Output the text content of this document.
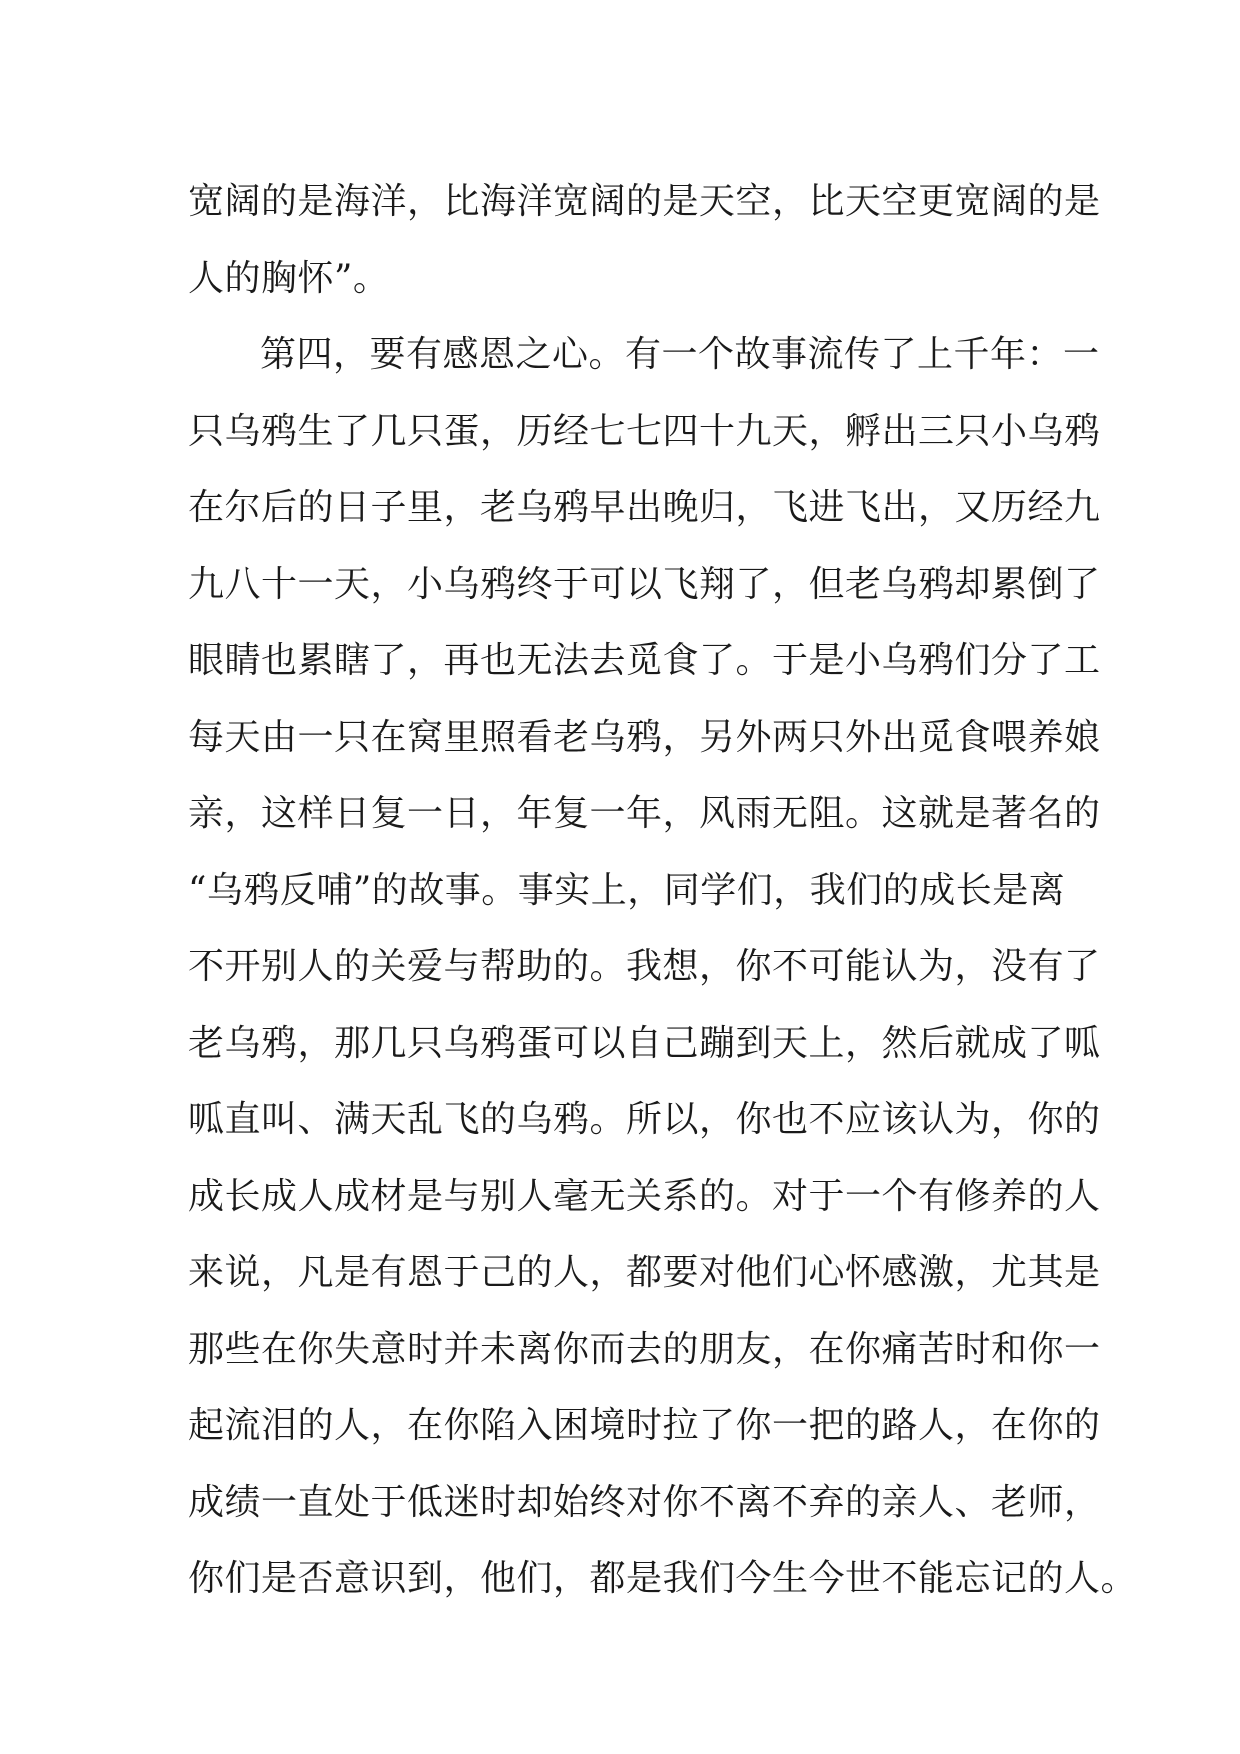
宽阔的是海洋，比海洋宽阔的是天空，比天空更宽阔的是
人的胸怀”。
第四，要有感恩之心。有一个故事流传了上千年：一
只乌鸦生了几只蛋，历经七七四十九天，孵出三只小乌鸦
在尔后的日子里，老乌鸦早出晚归，飞进飞出，又历经九
九八十一天，小乌鸦终于可以飞翔了，但老乌鸦却累倒了
眼睛也累瞎了，再也无法去觅食了。于是小乌鸦们分了工
每天由一只在窝里照看老乌鸦，另外两只外出觅食喂养娘
亲，这样日复一日，年复一年，风雨无阻。这就是著名的
“乌鸦反哺”的故事。事实上，同学们，我们的成长是离
不开别人的关爱与帮助的。我想，你不可能认为，没有了
老乌鸦，那几只乌鸦蛋可以自己蹦到天上，然后就成了呱
呱直叫、满天乱飞的乌鸦。所以，你也不应该认为，你的
成长成人成材是与别人毫无关系的。对于一个有修养的人
来说，凡是有恩于己的人，都要对他们心怀感激，尤其是
那些在你失意时并未离你而去的朋友，在你痛苦时和你一
起流泪的人，在你陷入困境时拉了你一把的路人，在你的
成绩一直处于低迷时却始终对你不离不弃的亲人、老师，
你们是否意识到，他们，都是我们今生今世不能忘记的人。
